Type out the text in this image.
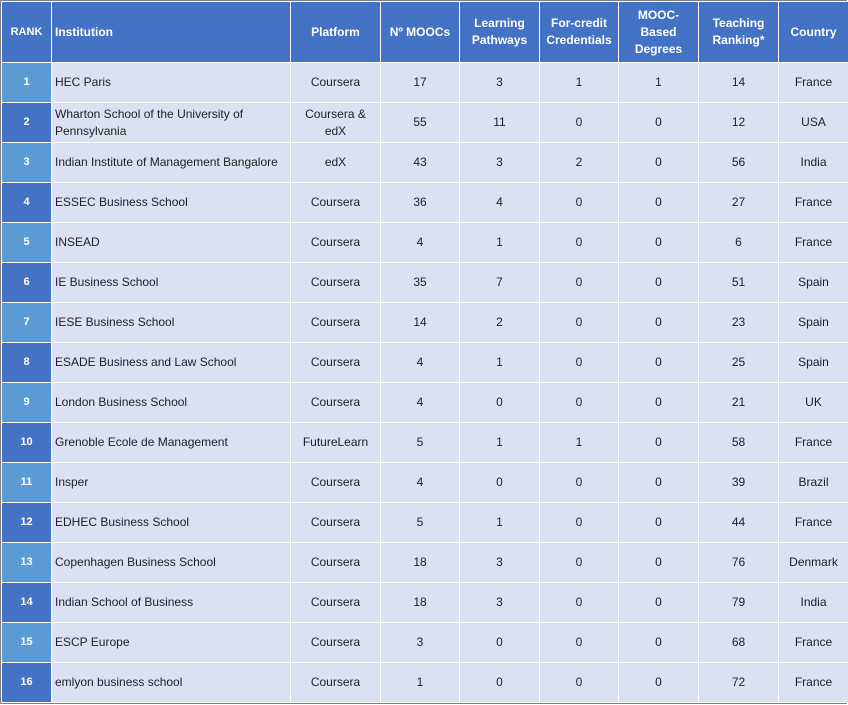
RANK	Institution	Platform	Nº MOOCs	Learning Pathways	For-credit Credentials	MOOC-Based Degrees	Teaching Ranking*	Country
1	HEC Paris	Coursera	17	3	1	1	14	France
2	Wharton School of the University of Pennsylvania	Coursera & edX	55	11	0	0	12	USA
3	Indian Institute of Management Bangalore	edX	43	3	2	0	56	India
4	ESSEC Business School	Coursera	36	4	0	0	27	France
5	INSEAD	Coursera	4	1	0	0	6	France
6	IE Business School	Coursera	35	7	0	0	51	Spain
7	IESE Business School	Coursera	14	2	0	0	23	Spain
8	ESADE Business and Law School	Coursera	4	1	0	0	25	Spain
9	London Business School	Coursera	4	0	0	0	21	UK
10	Grenoble Ecole de Management	FutureLearn	5	1	1	0	58	France
11	Insper	Coursera	4	0	0	0	39	Brazil
12	EDHEC Business School	Coursera	5	1	0	0	44	France
13	Copenhagen Business School	Coursera	18	3	0	0	76	Denmark
14	Indian School of Business	Coursera	18	3	0	0	79	India
15	ESCP Europe	Coursera	3	0	0	0	68	France
16	emlyon business school	Coursera	1	0	0	0	72	France
